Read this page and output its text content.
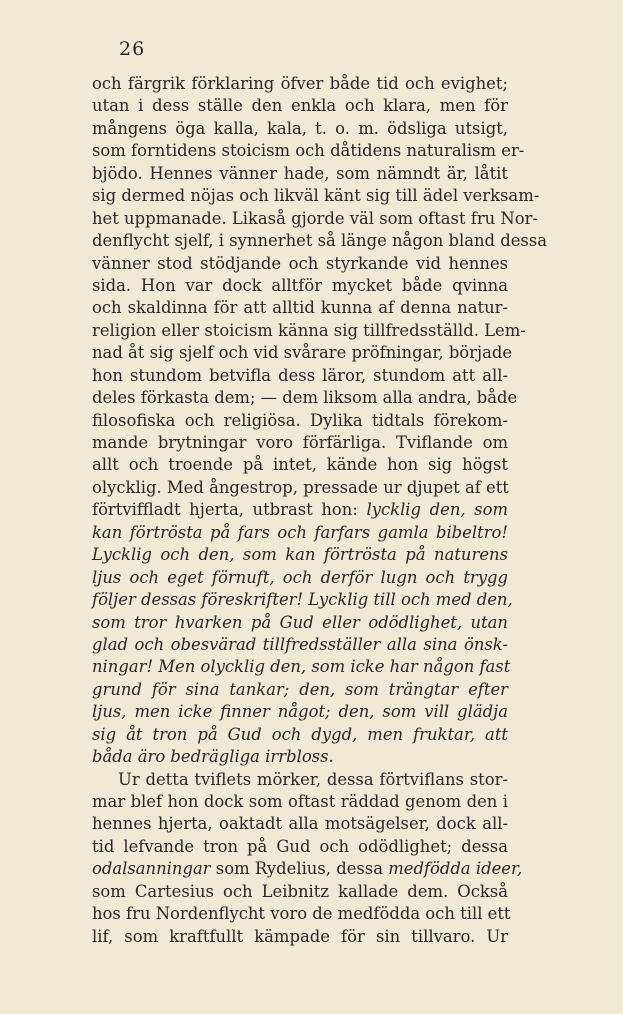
26
och färgrik förklaring öfver både tid och evighet;
utan i dess ställe den enkla och klara, men för
mångens öga kalla, kala, t. o. m. ödsliga utsigt,
som forntidens stoicism och dåtidens naturalism er-
bjödo. Hennes vänner hade, som nämndt är, låtit
sig dermed nöjas och likväl känt sig till ädel verksam-
het uppmanade. Likaså gjorde väl som oftast fru Nor-
denflycht sjelf, i synnerhet så länge någon bland dessa
vänner stod stödjande och styrkande vid hennes
sida. Hon var dock alltför mycket både qvinna
och skaldinna för att alltid kunna af denna natur-
religion eller stoicism känna sig tillfredsställd. Lem-
nad åt sig sjelf och vid svårare pröfningar, började
hon stundom betvifla dess läror, stundom att all-
deles förkasta dem; — dem liksom alla andra, både
filosofiska och religiösa. Dylika tidtals förekom-
mande brytningar voro förfärliga. Tviflande om
allt och troende på intet, kände hon sig högst
olycklig. Med ångestrop, pressade ur djupet af ett
förtviffladt hjerta, utbrast hon: lycklig den, som
kan förtrösta på fars och farfars gamla bibeltro!
Lycklig och den, som kan förtrösta på naturens
ljus och eget förnuft, och derför lugn och trygg
följer dessas föreskrifter! Lycklig till och med den,
som tror hvarken på Gud eller odödlighet, utan
glad och obesvärad tillfredsställer alla sina önsk-
ningar! Men olycklig den, som icke har någon fast
grund för sina tankar; den, som trängtar efter
ljus, men icke finner något; den, som vill glädja
sig åt tron på Gud och dygd, men fruktar, att
båda äro bedrägliga irrbloss.
Ur detta tviflets mörker, dessa förtviflans stor-
mar blef hon dock som oftast räddad genom den i
hennes hjerta, oaktadt alla motsägelser, dock all-
tid lefvande tron på Gud och odödlighet; dessa
odalsanningar som Rydelius, dessa medfödda ideer,
som Cartesius och Leibnitz kallade dem. Också
hos fru Nordenflycht voro de medfödda och till ett
lif, som kraftfullt kämpade för sin tillvaro. Ur
